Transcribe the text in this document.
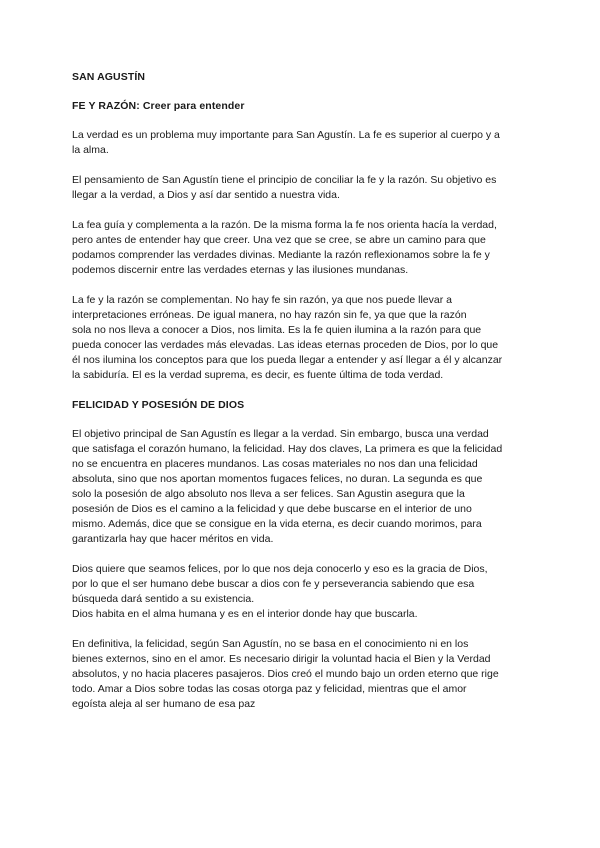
SAN AGUSTÍN
FE Y RAZÓN: Creer para entender
La verdad es un problema muy importante para San Agustín. La fe es superior al cuerpo y a
la alma.
El pensamiento de San Agustín tiene el principio de conciliar la fe y la razón. Su objetivo es
llegar a la verdad, a Dios y así dar sentido a nuestra vida.
La fea guía y complementa a la razón. De la misma forma la fe nos orienta hacía la verdad,
pero antes de entender hay que creer. Una vez que se cree, se abre un camino para que
podamos comprender las verdades divinas. Mediante la razón reflexionamos sobre la fe y
podemos discernir entre las verdades eternas y las ilusiones mundanas.
La fe y la razón se complementan. No hay fe sin razón, ya que nos puede llevar a
interpretaciones erróneas. De igual manera, no hay razón sin fe, ya que que la razón
sola no nos lleva a conocer a Dios, nos limita. Es la fe quien ilumina a la razón para que
pueda conocer las verdades más elevadas. Las ideas eternas proceden de Dios, por lo que
él nos ilumina los conceptos para que los pueda llegar a entender y así llegar a él y alcanzar
la sabiduría. El es la verdad suprema, es decir, es fuente última de toda verdad.
FELICIDAD Y POSESIÓN DE DIOS
El objetivo principal de San Agustín es llegar a la verdad. Sin embargo, busca una verdad
que satisfaga el corazón humano, la felicidad. Hay dos claves, La primera es que la felicidad
no se encuentra en placeres mundanos. Las cosas materiales no nos dan una felicidad
absoluta, sino que nos aportan momentos fugaces felices, no duran. La segunda es que
solo la posesión de algo absoluto nos lleva a ser felices. San Agustin asegura que la
posesión de Dios es el camino a la felicidad y que debe buscarse en el interior de uno
mismo. Además, dice que se consigue en la vida eterna, es decir cuando morimos, para
garantizarla hay que hacer méritos en vida.
Dios quiere que seamos felices, por lo que nos deja conocerlo y eso es la gracia de Dios,
por lo que el ser humano debe buscar a dios con fe y perseverancia sabiendo que esa
búsqueda dará sentido a su existencia.
Dios habita en el alma humana y es en el interior donde hay que buscarla.
En definitiva, la felicidad, según San Agustín, no se basa en el conocimiento ni en los
bienes externos, sino en el amor. Es necesario dirigir la voluntad hacia el Bien y la Verdad
absolutos, y no hacia placeres pasajeros. Dios creó el mundo bajo un orden eterno que rige
todo. Amar a Dios sobre todas las cosas otorga paz y felicidad, mientras que el amor
egoísta aleja al ser humano de esa paz
